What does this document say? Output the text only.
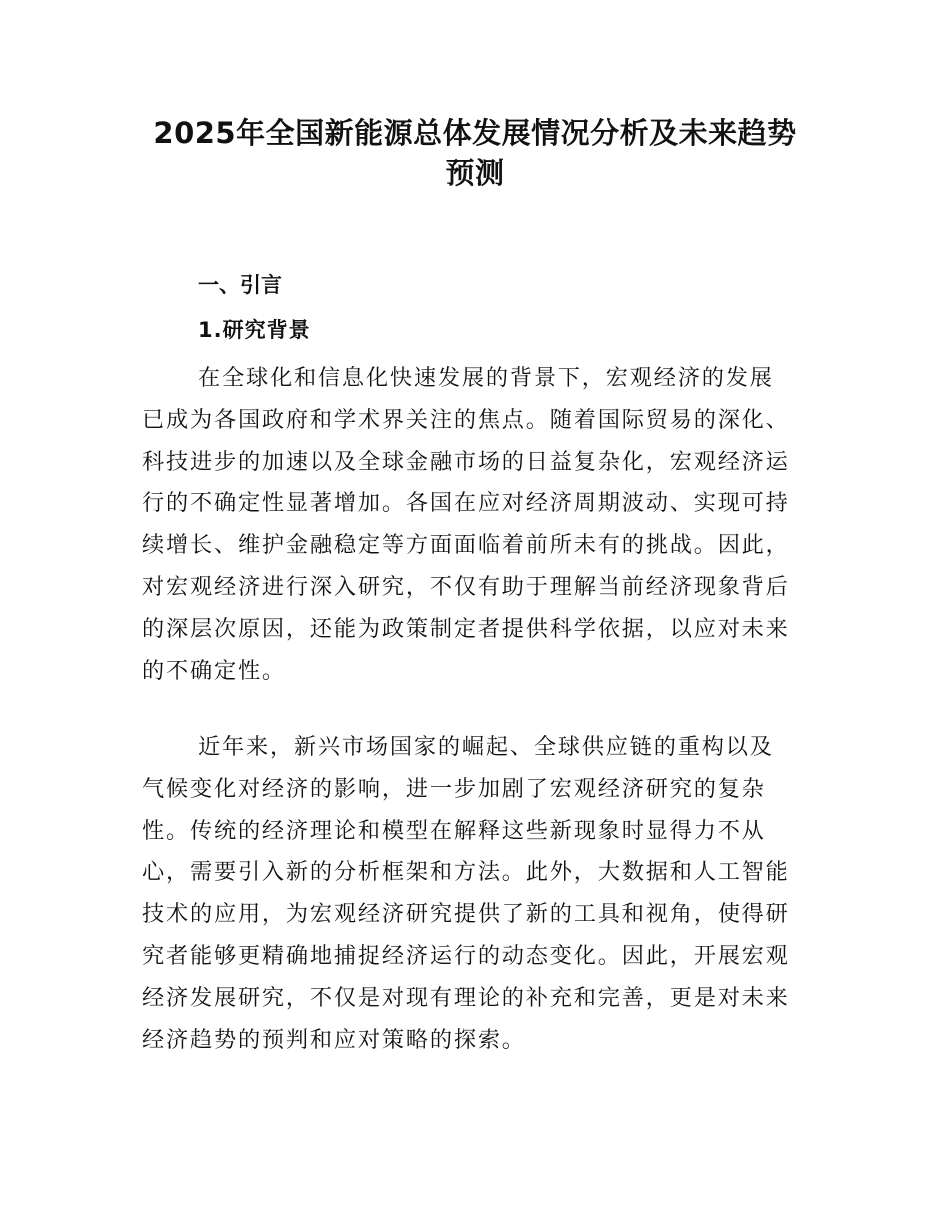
2025年全国新能源总体发展情况分析及未来趋势
预测
一、引言
1.研究背景
在全球化和信息化快速发展的背景下，宏观经济的发展
已成为各国政府和学术界关注的焦点。随着国际贸易的深化、
科技进步的加速以及全球金融市场的日益复杂化，宏观经济运
行的不确定性显著增加。各国在应对经济周期波动、实现可持
续增长、维护金融稳定等方面面临着前所未有的挑战。因此，
对宏观经济进行深入研究，不仅有助于理解当前经济现象背后
的深层次原因，还能为政策制定者提供科学依据，以应对未来
的不确定性。
近年来，新兴市场国家的崛起、全球供应链的重构以及
气候变化对经济的影响，进一步加剧了宏观经济研究的复杂
性。传统的经济理论和模型在解释这些新现象时显得力不从
心，需要引入新的分析框架和方法。此外，大数据和人工智能
技术的应用，为宏观经济研究提供了新的工具和视角，使得研
究者能够更精确地捕捉经济运行的动态变化。因此，开展宏观
经济发展研究，不仅是对现有理论的补充和完善，更是对未来
经济趋势的预判和应对策略的探索。
